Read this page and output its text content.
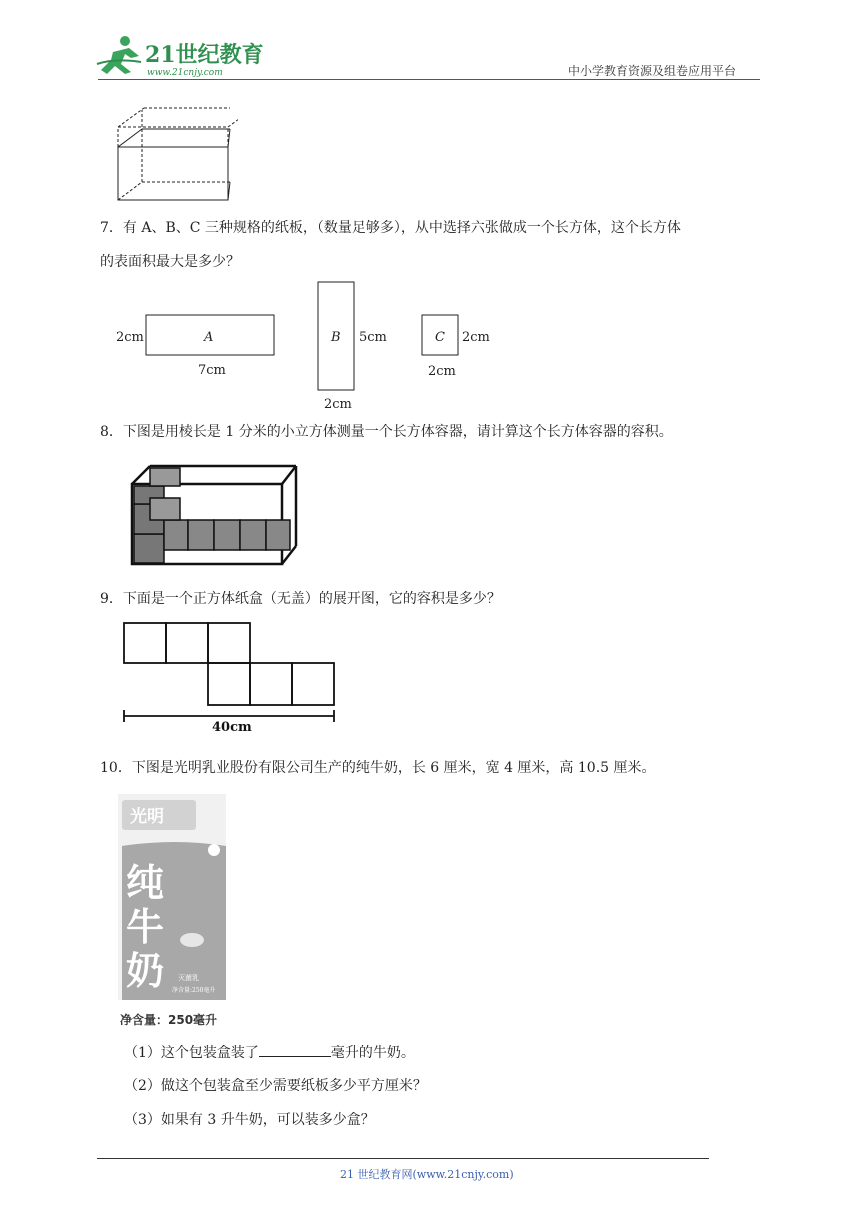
21世纪教育
www.21cnjy.com	中小学教育资源及组卷应用平台
7．有 A、B、C 三种规格的纸板，（数量足够多），从中选择六张做成一个长方体，这个长方体
的表面积最大是多少？
A
2cm
7cm
B 5cm
2cm
C 2cm
2cm
8．下图是用棱长是 1 分米的小立方体测量一个长方体容器，请计算这个长方体容器的容积。
9．下面是一个正方体纸盒（无盖）的展开图，它的容积是多少？
40cm
10．下图是光明乳业股份有限公司生产的纯牛奶，长 6 厘米，宽 4 厘米，高 10.5 厘米。
光明
纯
牛
奶 灭菌乳
净含量:250毫升
净含量：250毫升
（1）这个包装盒装了	毫升的牛奶。
（2）做这个包装盒至少需要纸板多少平方厘米？
（3）如果有 3 升牛奶，可以装多少盒？
21 世纪教育网(www.21cnjy.com)
